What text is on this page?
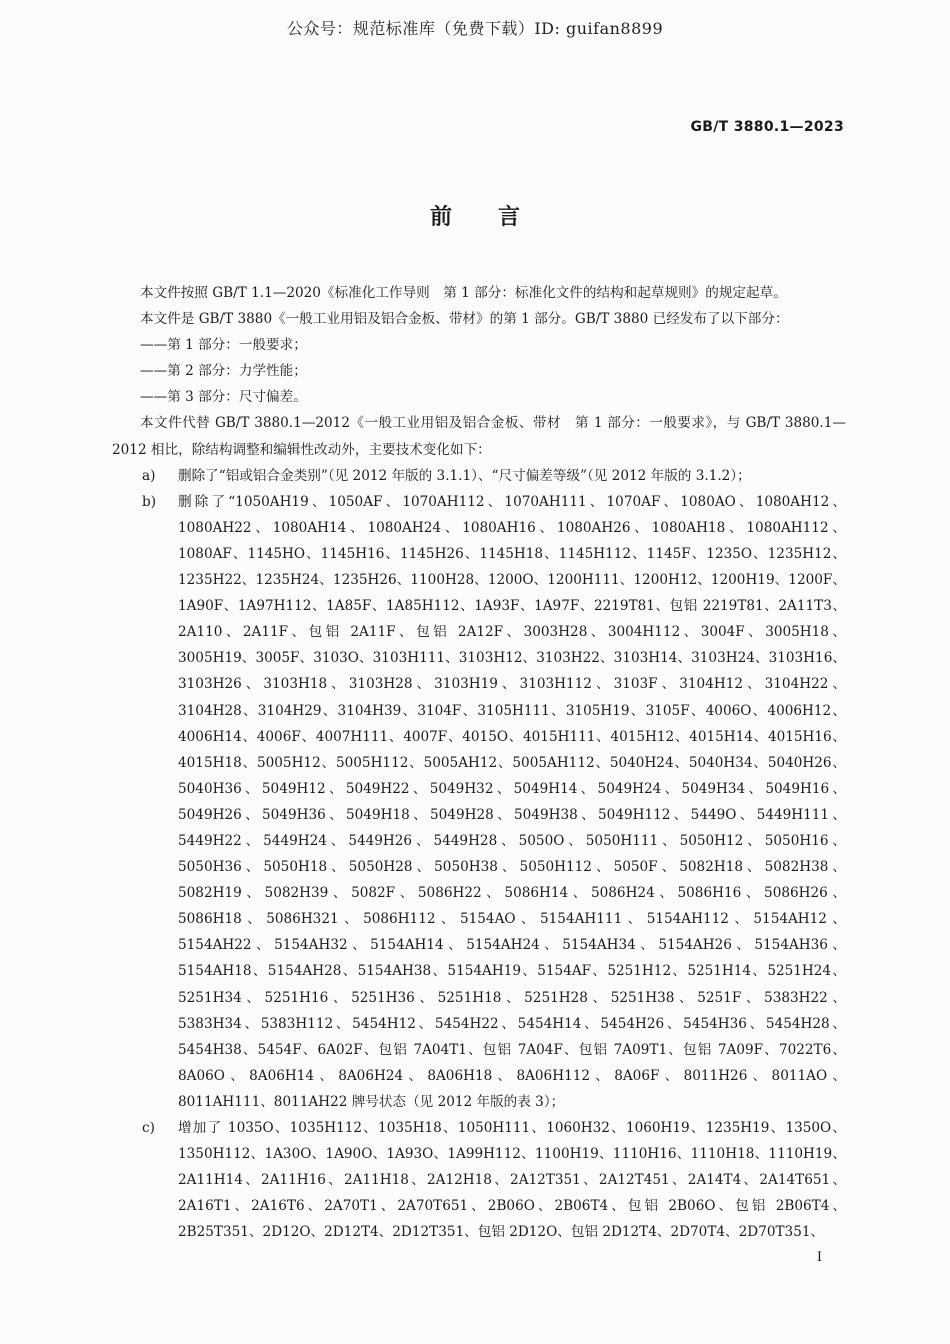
公众号：规范标准库（免费下载）ID: guifan8899
GB/T 3880.1—2023
前 言

本文件按照 GB/T 1.1—2020《标准化工作导则　第 1 部分：标准化文件的结构和起草规则》的规定起草。

本文件是 GB/T 3880《一般工业用铝及铝合金板、带材》的第 1 部分。GB/T 3880 已经发布了以下部分：

——第 1 部分：一般要求；

——第 2 部分：力学性能；

——第 3 部分：尺寸偏差。

本文件代替 GB/T 3880.1—2012《一般工业用铝及铝合金板、带材　第 1 部分：一般要求》，与 GB/T 3880.1—2012 相比，除结构调整和编辑性改动外，主要技术变化如下：

a)	删除了“铝或铝合金类别”（见 2012 年版的 3.1.1）、“尺寸偏差等级”（见 2012 年版的 3.1.2）；
b)	删除了“1050AH19、1050AF、1070AH112、1070AH111、1070AF、1080AO、1080AH12、1080AH22、1080AH14、1080AH24、1080AH16、1080AH26、1080AH18、1080AH112、1080AF、1145HO、1145H16、1145H26、1145H18、1145H112、1145F、1235O、1235H12、1235H22、1235H24、1235H26、1100H28、1200O、1200H111、1200H12、1200H19、1200F、1A90F、1A97H112、1A85F、1A85H112、1A93F、1A97F、2219T81、包铝 2219T81、2A11T3、2A110、2A11F、包铝 2A11F、包铝 2A12F、3003H28、3004H112、3004F、3005H18、3005H19、3005F、3103O、3103H111、3103H12、3103H22、3103H14、3103H24、3103H16、3103H26、3103H18、3103H28、3103H19、3103H112、3103F、3104H12、3104H22、3104H28、3104H29、3104H39、3104F、3105H111、3105H19、3105F、4006O、4006H12、4006H14、4006F、4007H111、4007F、4015O、4015H111、4015H12、4015H14、4015H16、4015H18、5005H12、5005H112、5005AH12、5005AH112、5040H24、5040H34、5040H26、5040H36、5049H12、5049H22、5049H32、5049H14、5049H24、5049H34、5049H16、5049H26、5049H36、5049H18、5049H28、5049H38、5049H112、5449O、5449H111、5449H22、5449H24、5449H26、5449H28、5050O、5050H111、5050H12、5050H16、5050H36、5050H18、5050H28、5050H38、5050H112、5050F、5082H18、5082H38、5082H19、5082H39、5082F、5086H22、5086H14、5086H24、5086H16、5086H26、5086H18、5086H321、5086H112、5154AO、5154AH111、5154AH112、5154AH12、5154AH22、5154AH32、5154AH14、5154AH24、5154AH34、5154AH26、5154AH36、5154AH18、5154AH28、5154AH38、5154AH19、5154AF、5251H12、5251H14、5251H24、5251H34、5251H16、5251H36、5251H18、5251H28、5251H38、5251F、5383H22、5383H34、5383H112、5454H12、5454H22、5454H14、5454H26、5454H36、5454H28、5454H38、5454F、6A02F、包铝 7A04T1、包铝 7A04F、包铝 7A09T1、包铝 7A09F、7022T6、8A06O、8A06H14、8A06H24、8A06H18、8A06H112、8A06F、8011H26、8011AO、8011AH111、8011AH22 牌号状态（见 2012 年版的表 3）；
c)	增加了 1035O、1035H112、1035H18、1050H111、1060H32、1060H19、1235H19、1350O、1350H112、1A30O、1A90O、1A93O、1A99H112、1100H19、1110H16、1110H18、1110H19、2A11H14、2A11H16、2A11H18、2A12H18、2A12T351、2A12T451、2A14T4、2A14T651、2A16T1、2A16T6、2A70T1、2A70T651、2B06O、2B06T4、包铝 2B06O、包铝 2B06T4、2B25T351、2D12O、2D12T4、2D12T351、包铝 2D12O、包铝 2D12T4、2D70T4、2D70T351、
I
